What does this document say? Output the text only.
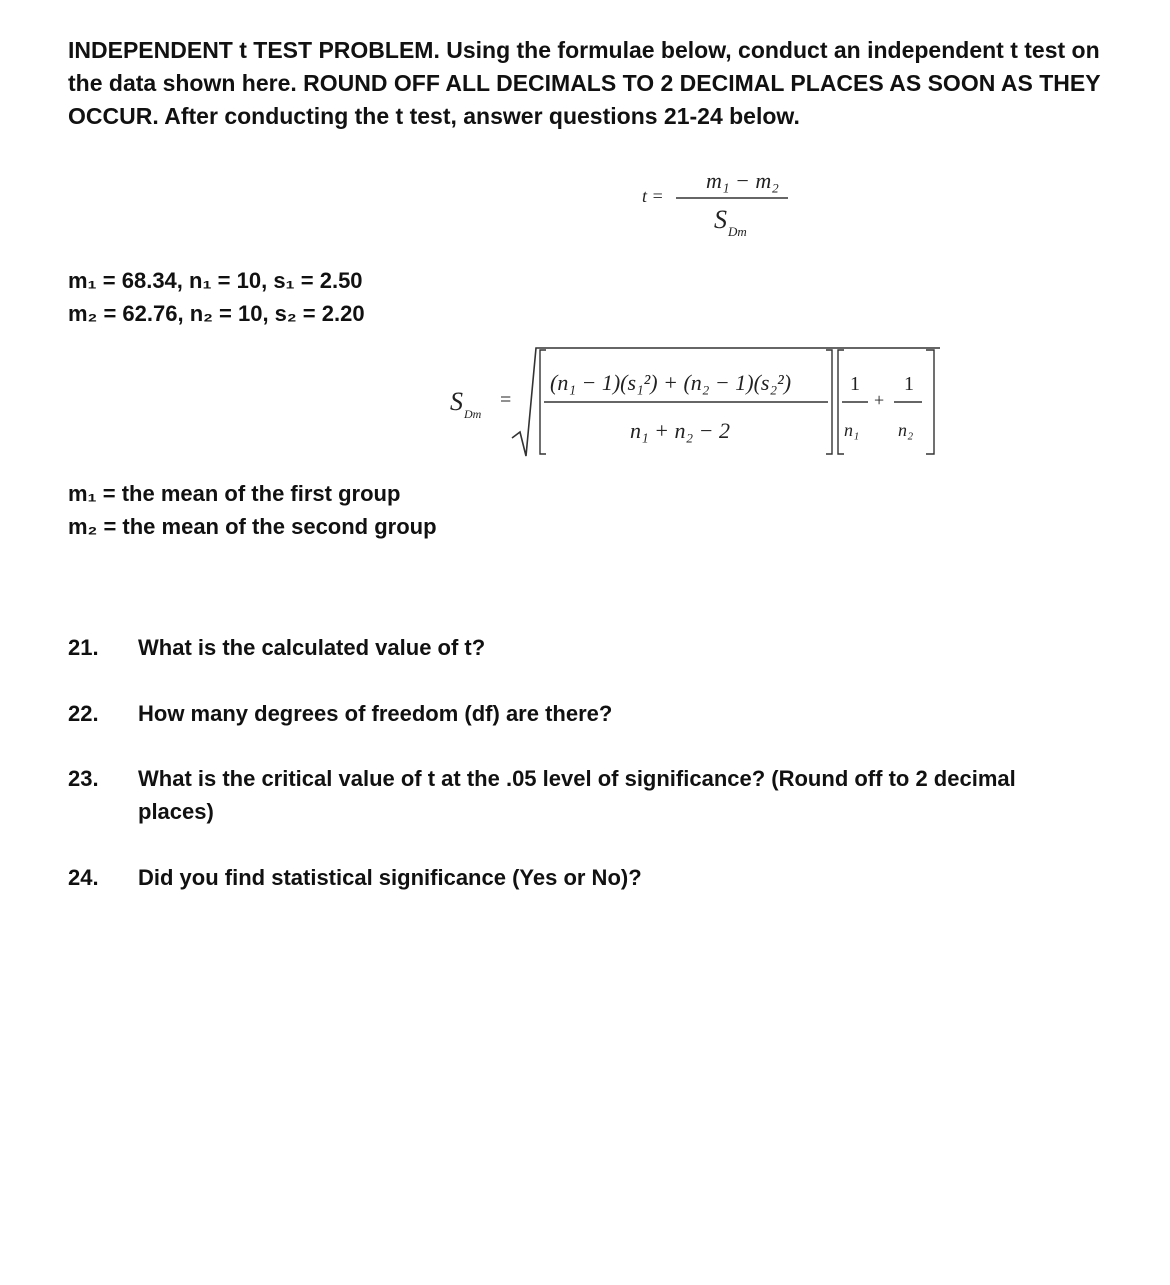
INDEPENDENT t TEST PROBLEM. Using the formulae below, conduct an independent t test on the data shown here. ROUND OFF ALL DECIMALS TO 2 DECIMAL PLACES AS SOON AS THEY OCCUR. After conducting the t test, answer questions 21-24 below.

t =
m₁ − m₂
S Dm
m₁ = 68.34, n₁ = 10, s₁ = 2.50
m₂ = 62.76, n₂ = 10, s₂ = 2.20
S Dm
=
(n₁ − 1)(s₁²) + (n₂ − 1)(s₂²)
n₁ + n₂ − 2
1
n₁
+
1
n₂
m₁ = the mean of the first group
m₂ = the mean of the second group
21. What is the calculated value of t?

22. How many degrees of freedom (df) are there?

23. What is the critical value of t at the .05 level of significance? (Round off to 2 decimal places)

24. Did you find statistical significance (Yes or No)?
